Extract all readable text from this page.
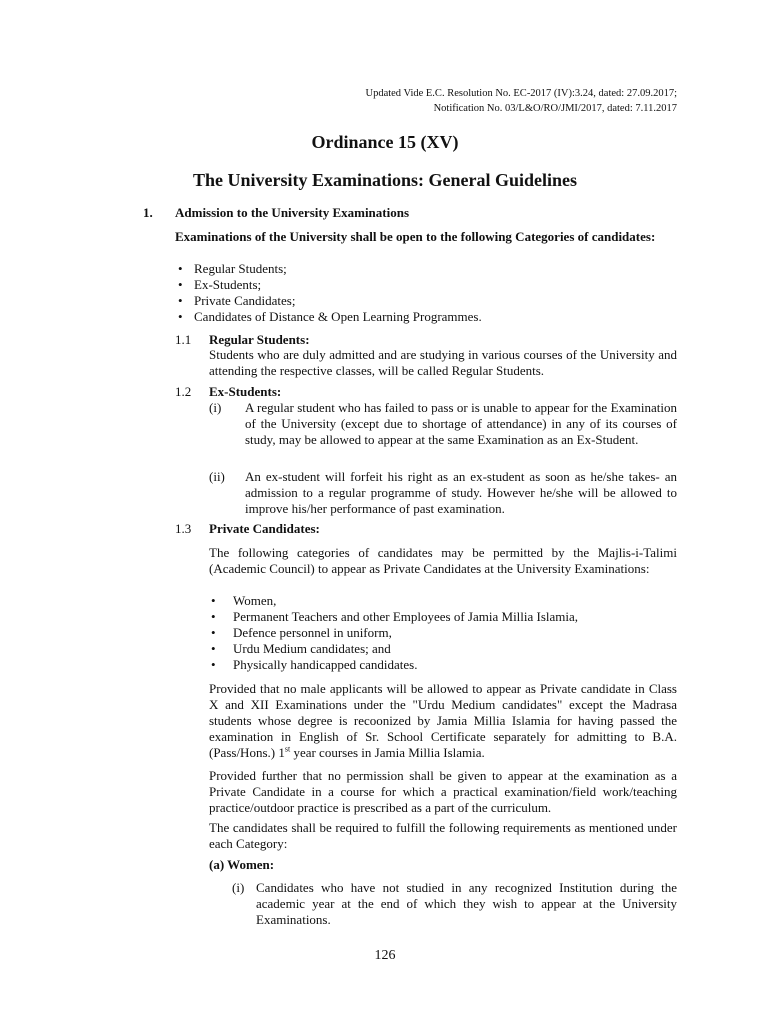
Updated Vide E.C. Resolution No. EC-2017 (IV):3.24, dated: 27.09.2017;
Notification No. 03/L&O/RO/JMI/2017, dated: 7.11.2017
Ordinance 15 (XV)
The University Examinations: General Guidelines
1. Admission to the University Examinations
Examinations of the University shall be open to the following Categories of candidates:
• Regular Students;
• Ex-Students;
• Private Candidates;
• Candidates of Distance & Open Learning Programmes.
1.1 Regular Students:
Students who are duly admitted and are studying in various courses of the University and attending the respective classes, will be called Regular Students.
1.2 Ex-Students:
(i) A regular student who has failed to pass or is unable to appear for the Examination of the University (except due to shortage of attendance) in any of its courses of study, may be allowed to appear at the same Examination as an Ex-Student.
(ii) An ex-student will forfeit his right as an ex-student as soon as he/she takes- an admission to a regular programme of study. However he/she will be allowed to improve his/her performance of past examination.
1.3 Private Candidates:
The following categories of candidates may be permitted by the Majlis-i-Talimi (Academic Council) to appear as Private Candidates at the University Examinations:
• Women,
• Permanent Teachers and other Employees of Jamia Millia Islamia,
• Defence personnel in uniform,
• Urdu Medium candidates; and
• Physically handicapped candidates.
Provided that no male applicants will be allowed to appear as Private candidate in Class X and XII Examinations under the "Urdu Medium candidates" except the Madrasa students whose degree is recoonized by Jamia Millia Islamia for having passed the examination in English of Sr. School Certificate separately for admitting to B.A. (Pass/Hons.) 1st year courses in Jamia Millia Islamia.
Provided further that no permission shall be given to appear at the examination as a Private Candidate in a course for which a practical examination/field work/teaching practice/outdoor practice is prescribed as a part of the curriculum.
The candidates shall be required to fulfill the following requirements as mentioned under each Category:
(a) Women:
(i) Candidates who have not studied in any recognized Institution during the academic year at the end of which they wish to appear at the University Examinations.
126
